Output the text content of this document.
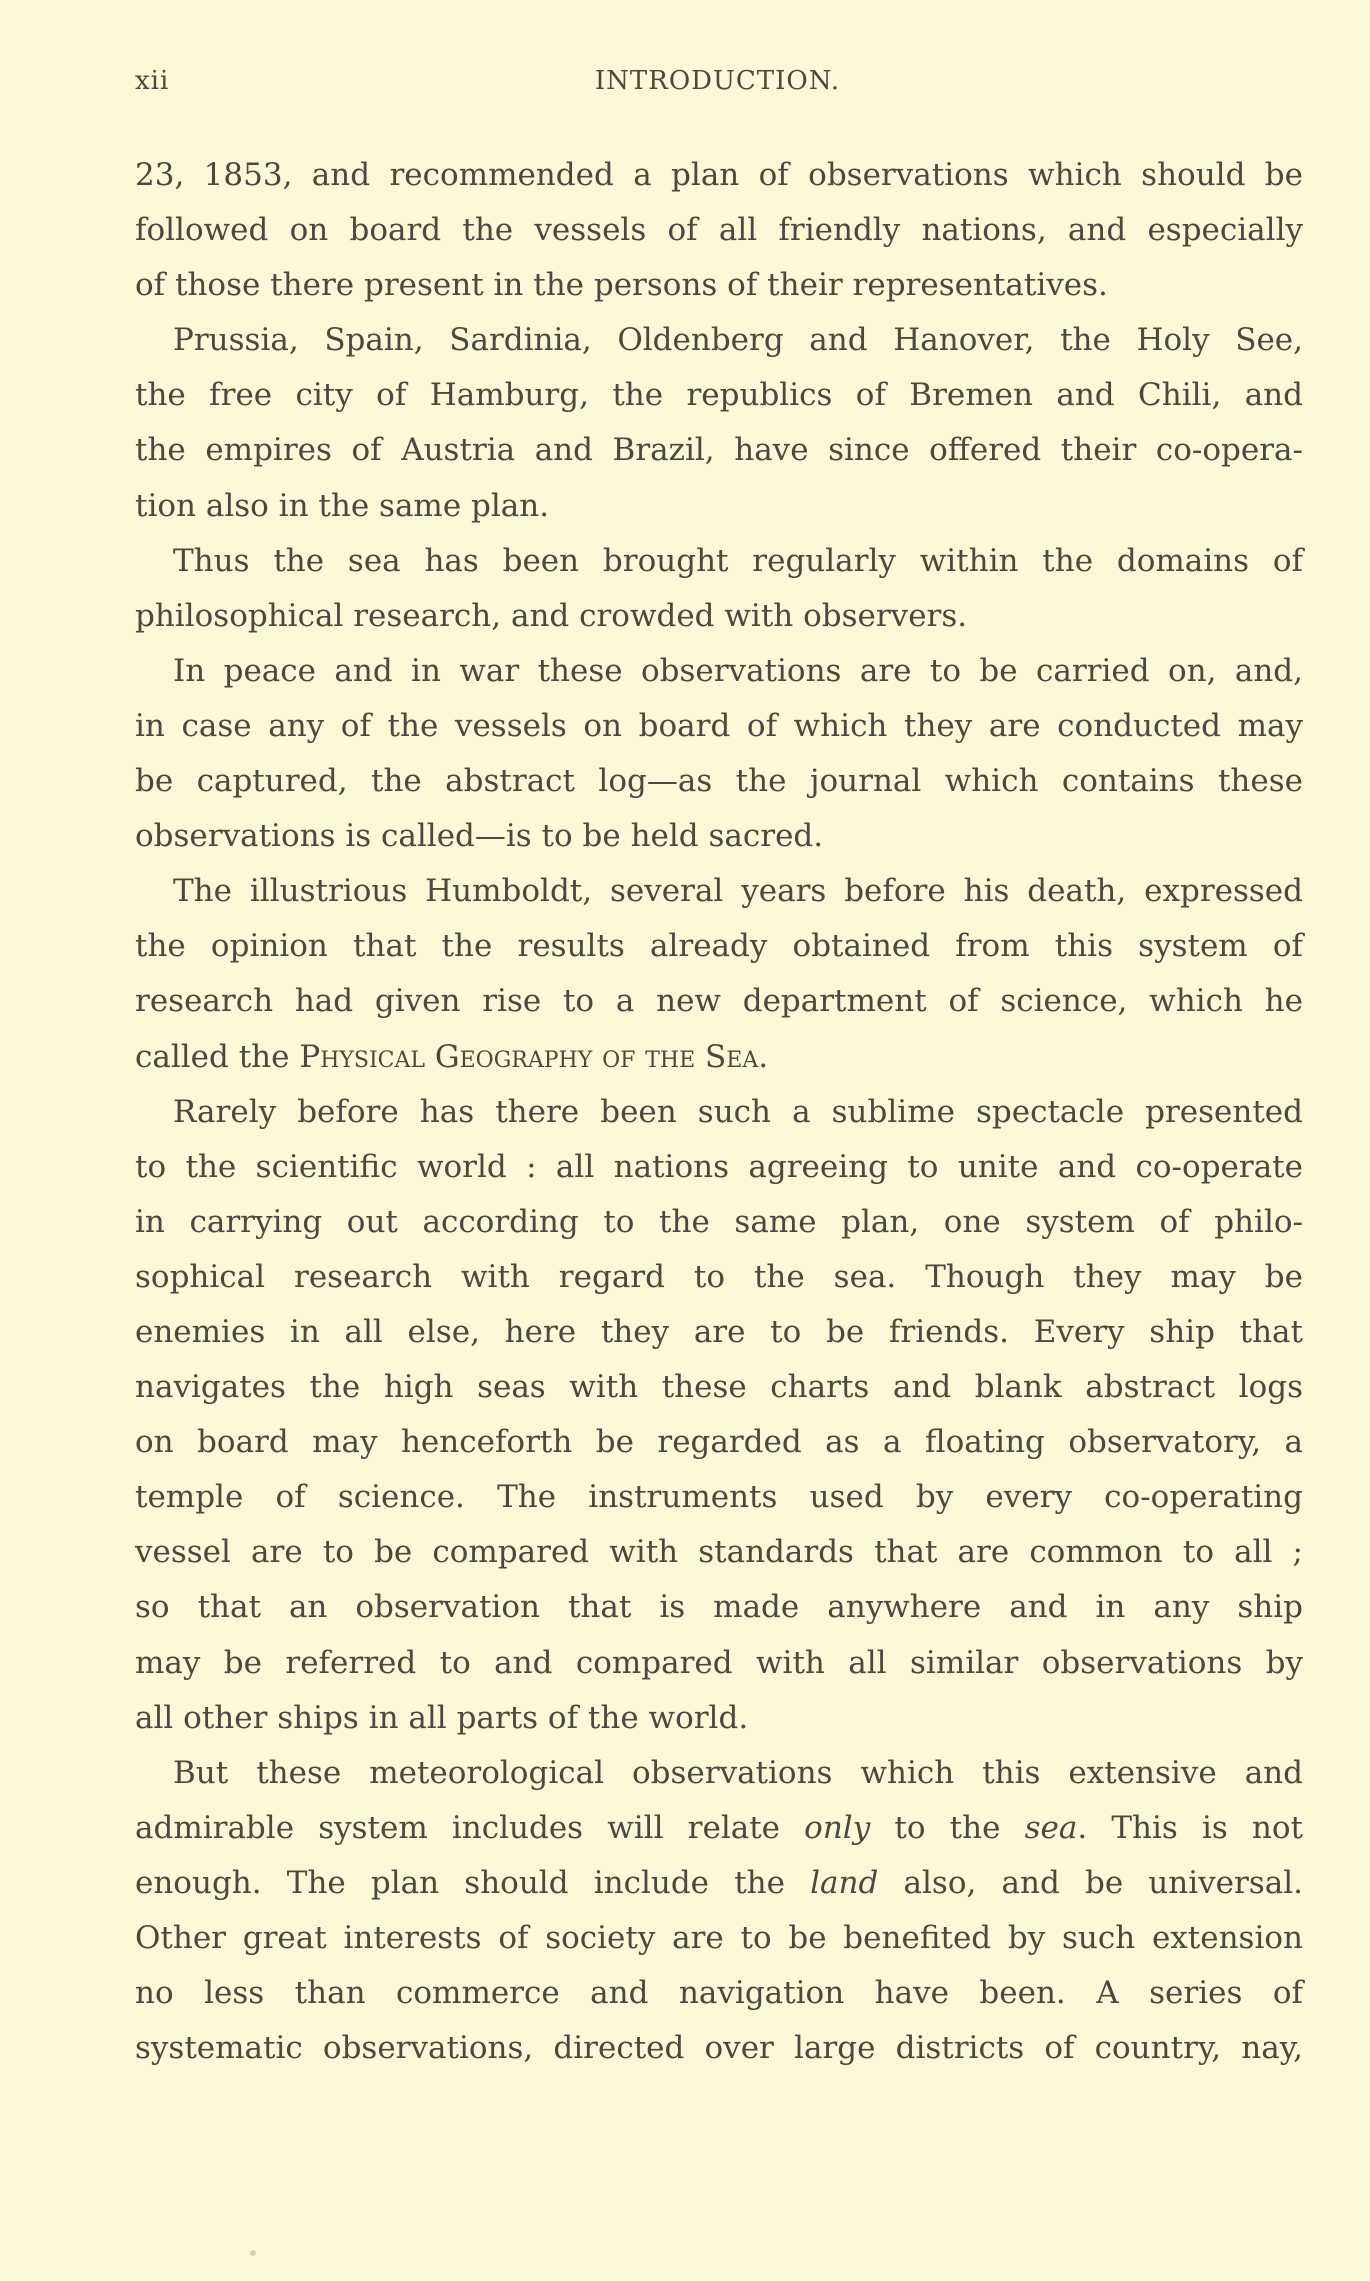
xii	INTRODUCTION.
23, 1853, and recommended a plan of observations which should be
followed on board the vessels of all friendly nations, and especially
of those there present in the persons of their representatives.
Prussia, Spain, Sardinia, Oldenberg and Hanover, the Holy See,
the free city of Hamburg, the republics of Bremen and Chili, and
the empires of Austria and Brazil, have since offered their co-opera-
tion also in the same plan.
Thus the sea has been brought regularly within the domains of
philosophical research, and crowded with observers.
In peace and in war these observations are to be carried on, and,
in case any of the vessels on board of which they are conducted may
be captured, the abstract log—as the journal which contains these
observations is called—is to be held sacred.
The illustrious Humboldt, several years before his death, expressed
the opinion that the results already obtained from this system of
research had given rise to a new department of science, which he
called the Physical Geography of the Sea.
Rarely before has there been such a sublime spectacle presented
to the scientific world : all nations agreeing to unite and co-operate
in carrying out according to the same plan, one system of philo-
sophical research with regard to the sea. Though they may be
enemies in all else, here they are to be friends. Every ship that
navigates the high seas with these charts and blank abstract logs
on board may henceforth be regarded as a floating observatory, a
temple of science. The instruments used by every co-operating
vessel are to be compared with standards that are common to all ;
so that an observation that is made anywhere and in any ship
may be referred to and compared with all similar observations by
all other ships in all parts of the world.
But these meteorological observations which this extensive and
admirable system includes will relate only to the sea. This is not
enough. The plan should include the land also, and be universal.
Other great interests of society are to be benefited by such extension
no less than commerce and navigation have been. A series of
systematic observations, directed over large districts of country, nay,
